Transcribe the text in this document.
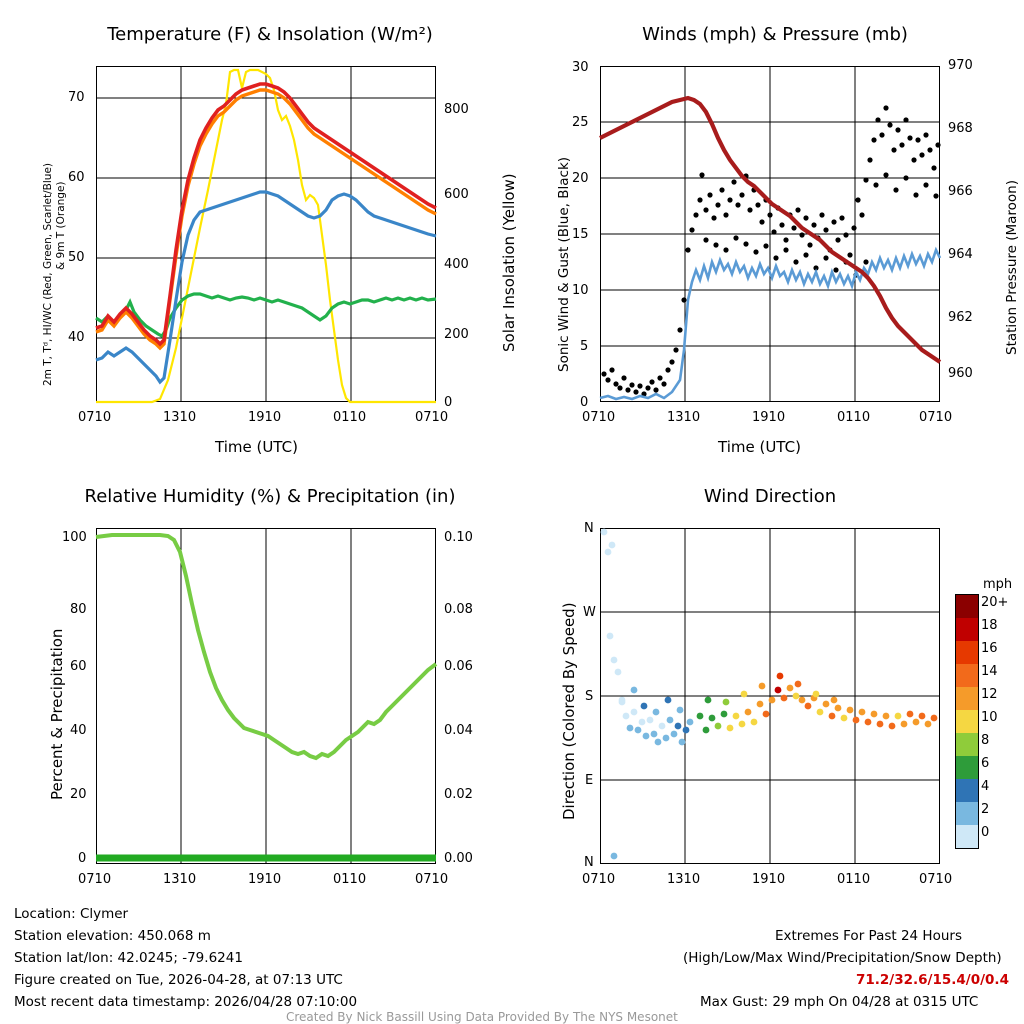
Temperature (F) & Insolation (W/m²)
40
50
60
70
0
200
400
600
800
0710	1310	1910	0110	0710
Time (UTC)
2m T, Tᵈ, HI/WC (Red, Green, Scarlet/Blue) & 9m T (Orange)	Solar Insolation (Yellow)
Winds (mph) & Pressure (mb)
0
5
10
15
20
25
30
960
962
964
966
968
970
0710	1310	1910	0110	0710
Time (UTC)
Sonic Wind & Gust (Blue, Black)	Station Pressure (Maroon)
Relative Humidity (%) & Precipitation (in)
0
20
40
60
80
100
0.00
0.02
0.04
0.06
0.08
0.10
0710	1310	1910	0110	0710
Percent & Precipitation
Wind Direction
N
W
S
E
N
0710	1310	1910	0110	0710
Direction (Colored By Speed)
mph
20+
18
16
14
12
10
8
6
4
2
0
Location: Clymer
Station elevation: 450.068 m
Station lat/lon: 42.0245; -79.6241
Figure created on Tue, 2026-04-28, at 07:13 UTC
Most recent data timestamp: 2026/04/28 07:10:00
Extremes For Past 24 Hours
(High/Low/Max Wind/Precipitation/Snow Depth)
71.2/32.6/15.4/0/0.4
Max Gust: 29 mph On 04/28 at 0315 UTC
Created By Nick Bassill Using Data Provided By The NYS Mesonet
